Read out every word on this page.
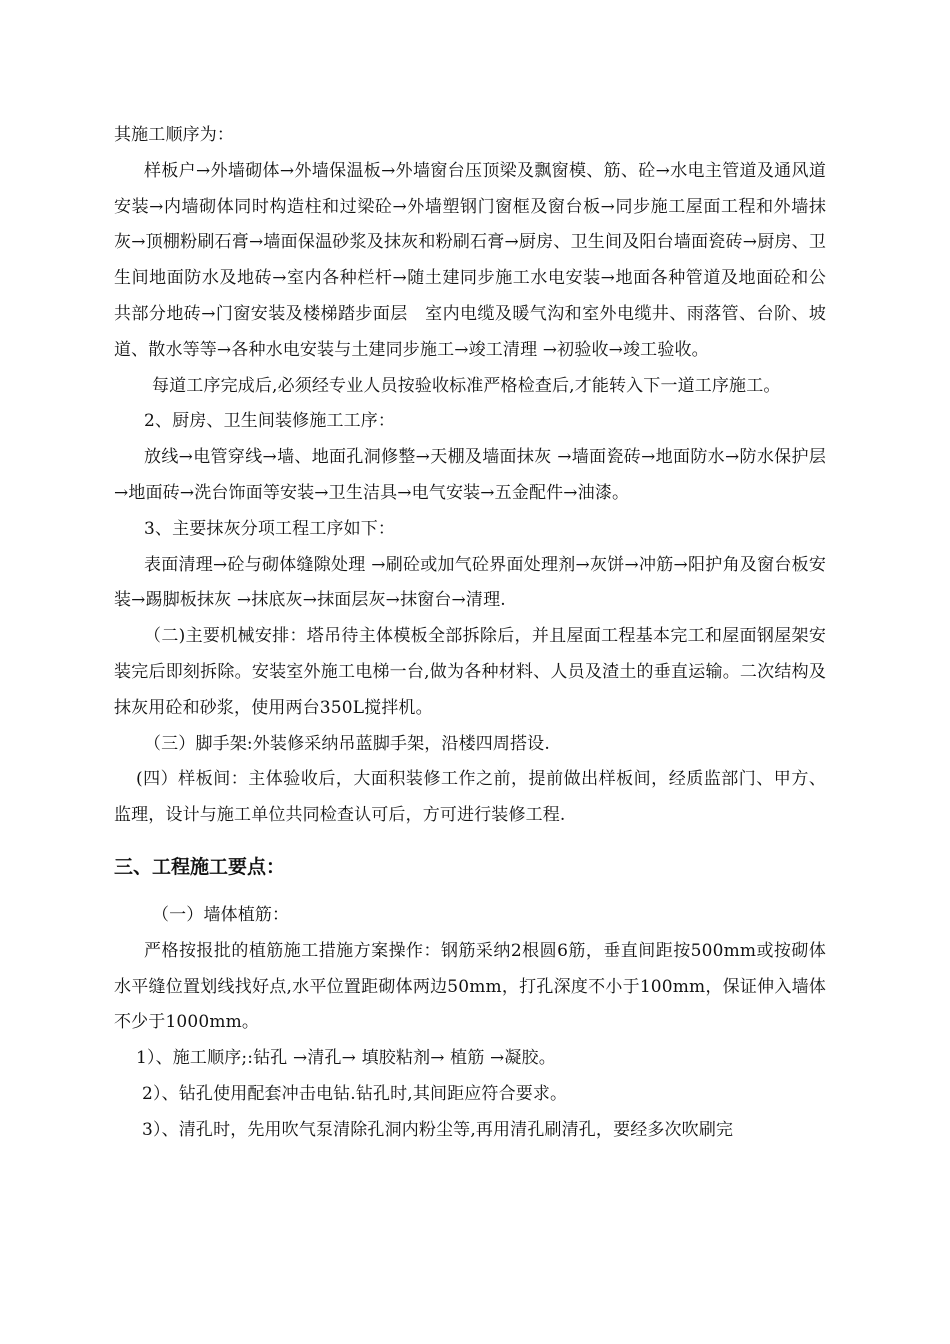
其施工顺序为：

样板户→外墙砌体→外墙保温板→外墙窗台压顶梁及飘窗模、筋、砼→水电主管道及通风道安装→内墙砌体同时构造柱和过梁砼→外墙塑钢门窗框及窗台板→同步施工屋面工程和外墙抹灰→顶棚粉刷石膏→墙面保温砂浆及抹灰和粉刷石膏→厨房、卫生间及阳台墙面瓷砖→厨房、卫生间地面防水及地砖→室内各种栏杆→随土建同步施工水电安装→地面各种管道及地面砼和公共部分地砖→门窗安装及楼梯踏步面层　室内电缆及暖气沟和室外电缆井、雨落管、台阶、坡道、散水等等→各种水电安装与土建同步施工→竣工清理 →初验收→竣工验收。

每道工序完成后,必须经专业人员按验收标准严格检查后,才能转入下一道工序施工。

2、厨房、卫生间装修施工工序：

放线→电管穿线→墙、地面孔洞修整→天棚及墙面抹灰 →墙面瓷砖→地面防水→防水保护层→地面砖→洗台饰面等安装→卫生洁具→电气安装→五金配件→油漆。

3、主要抹灰分项工程工序如下：

表面清理→砼与砌体缝隙处理 →刷砼或加气砼界面处理剂→灰饼→冲筋→阳护角及窗台板安装→踢脚板抹灰 →抹底灰→抹面层灰→抹窗台→清理.

（二)主要机械安排：塔吊待主体模板全部拆除后，并且屋面工程基本完工和屋面钢屋架安装完后即刻拆除。安装室外施工电梯一台,做为各种材料、人员及渣土的垂直运输。二次结构及抹灰用砼和砂浆，使用两台350L搅拌机。

（三）脚手架:外装修采纳吊蓝脚手架，沿楼四周搭设.

(四）样板间：主体验收后，大面积装修工作之前，提前做出样板间，经质监部门、甲方、监理，设计与施工单位共同检查认可后，方可进行装修工程.

三、工程施工要点：

（一）墙体植筋：

严格按报批的植筋施工措施方案操作：钢筋采纳2根圆6筋，垂直间距按500mm或按砌体水平缝位置划线找好点,水平位置距砌体两边50mm，打孔深度不小于100mm，保证伸入墙体不少于1000mm。

1）、施工顺序;:钻孔 →清孔→ 填胶粘剂→ 植筋 →凝胶。

2）、钻孔使用配套冲击电钻.钻孔时,其间距应符合要求。

3）、清孔时，先用吹气泵清除孔洞内粉尘等,再用清孔刷清孔，要经多次吹刷完
